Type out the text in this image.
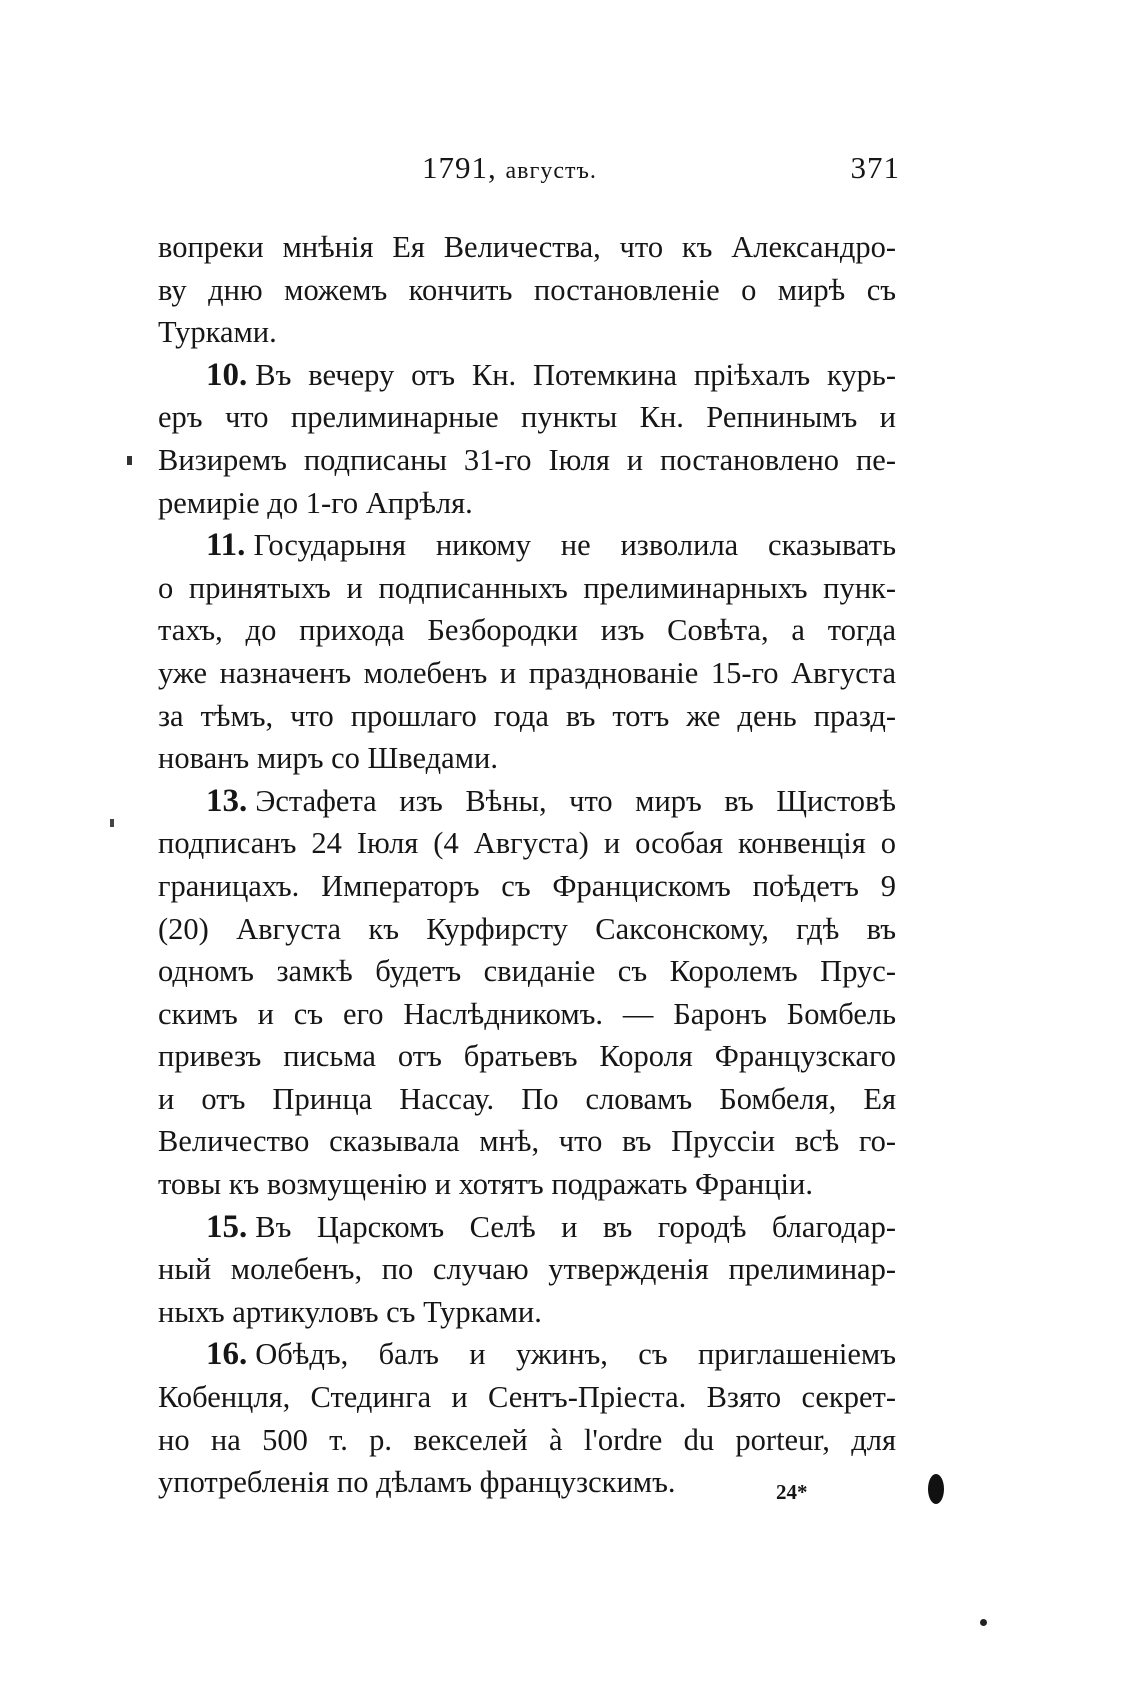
1791, августъ.	371
вопреки мнѣнія Ея Величества, что къ Александро-
ву дню можемъ кончить постановленіе о мирѣ съ
Турками.
10. Въ вечеру отъ Кн. Потемкина пріѣхалъ курь-
еръ что прелиминарные пункты Кн. Репнинымъ и
Визиремъ подписаны 31-го Іюля и постановлено пе-
ремиріе до 1-го Апрѣля.
11. Государыня никому не изволила сказывать
о принятыхъ и подписанныхъ прелиминарныхъ пунк-
тахъ, до прихода Безбородки изъ Совѣта, а тогда
уже назначенъ молебенъ и празднованіе 15-го Августа
за тѣмъ, что прошлаго года въ тотъ же день празд-
нованъ миръ со Шведами.
13. Эстафета изъ Вѣны, что миръ въ Щистовѣ
подписанъ 24 Іюля (4 Августа) и особая конвенція о
границахъ. Императоръ съ Францискомъ поѣдетъ 9
(20) Августа къ Курфирсту Саксонскому, гдѣ въ
одномъ замкѣ будетъ свиданіе съ Королемъ Прус-
скимъ и съ его Наслѣдникомъ. — Баронъ Бомбель
привезъ письма отъ братьевъ Короля Французскаго
и отъ Принца Нассау. По словамъ Бомбеля, Ея
Величество сказывала мнѣ, что въ Пруссіи всѣ го-
товы къ возмущенію и хотятъ подражать Франціи.
15. Въ Царскомъ Селѣ и въ городѣ благодар-
ный молебенъ, по случаю утвержденія прелиминар-
ныхъ артикуловъ съ Турками.
16. Обѣдъ, балъ и ужинъ, съ приглашеніемъ
Кобенцля, Стединга и Сентъ-Пріеста. Взято секрет-
но на 500 т. р. векселей à l'ordre du porteur, для
употребленія по дѣламъ французскимъ.	24*
